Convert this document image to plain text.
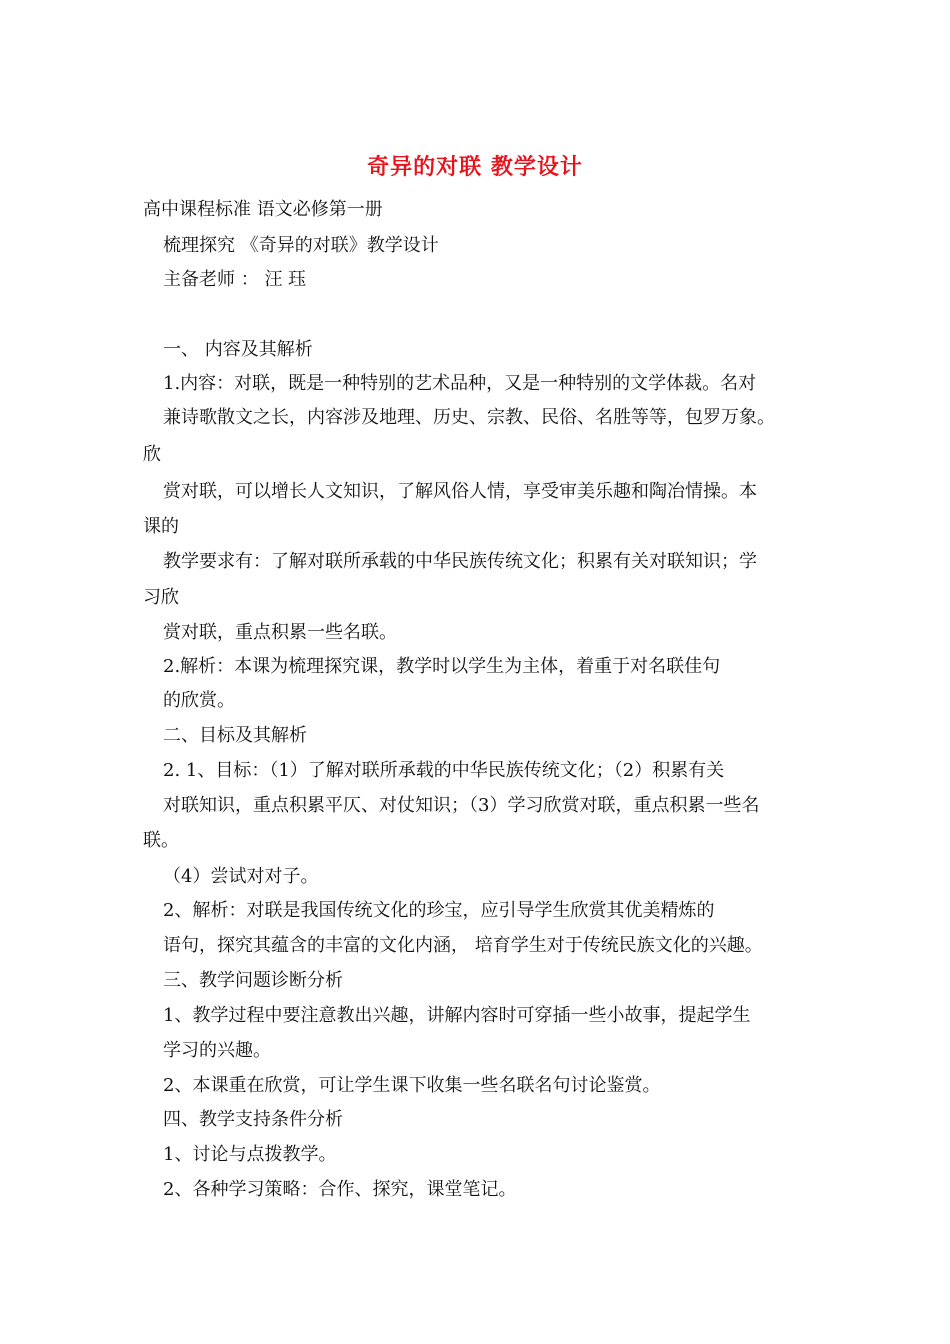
奇异的对联 教学设计
高中课程标准 语文必修第一册
梳理探究 《奇异的对联》教学设计
主备老师 ： 汪 珏
一、 内容及其解析
1.内容：对联，既是一种特别的艺术品种，又是一种特别的文学体裁。名对
兼诗歌散文之长，内容涉及地理、历史、宗教、民俗、名胜等等，包罗万象。
欣
赏对联，可以增长人文知识，了解风俗人情，享受审美乐趣和陶冶情操。本
课的
教学要求有：了解对联所承载的中华民族传统文化；积累有关对联知识；学
习欣
赏对联，重点积累一些名联。
2.解析：本课为梳理探究课，教学时以学生为主体，着重于对名联佳句
的欣赏。
二、目标及其解析
2. 1、目标：（1）了解对联所承载的中华民族传统文化；（2）积累有关
对联知识，重点积累平仄、对仗知识；（3）学习欣赏对联，重点积累一些名
联。
（4）尝试对对子。
2、解析：对联是我国传统文化的珍宝，应引导学生欣赏其优美精炼的
语句，探究其蕴含的丰富的文化内涵， 培育学生对于传统民族文化的兴趣。
三、教学问题诊断分析
1、教学过程中要注意教出兴趣，讲解内容时可穿插一些小故事，提起学生
学习的兴趣。
2、本课重在欣赏，可让学生课下收集一些名联名句讨论鉴赏。
四、教学支持条件分析
1、讨论与点拨教学。
2、各种学习策略：合作、探究，课堂笔记。
